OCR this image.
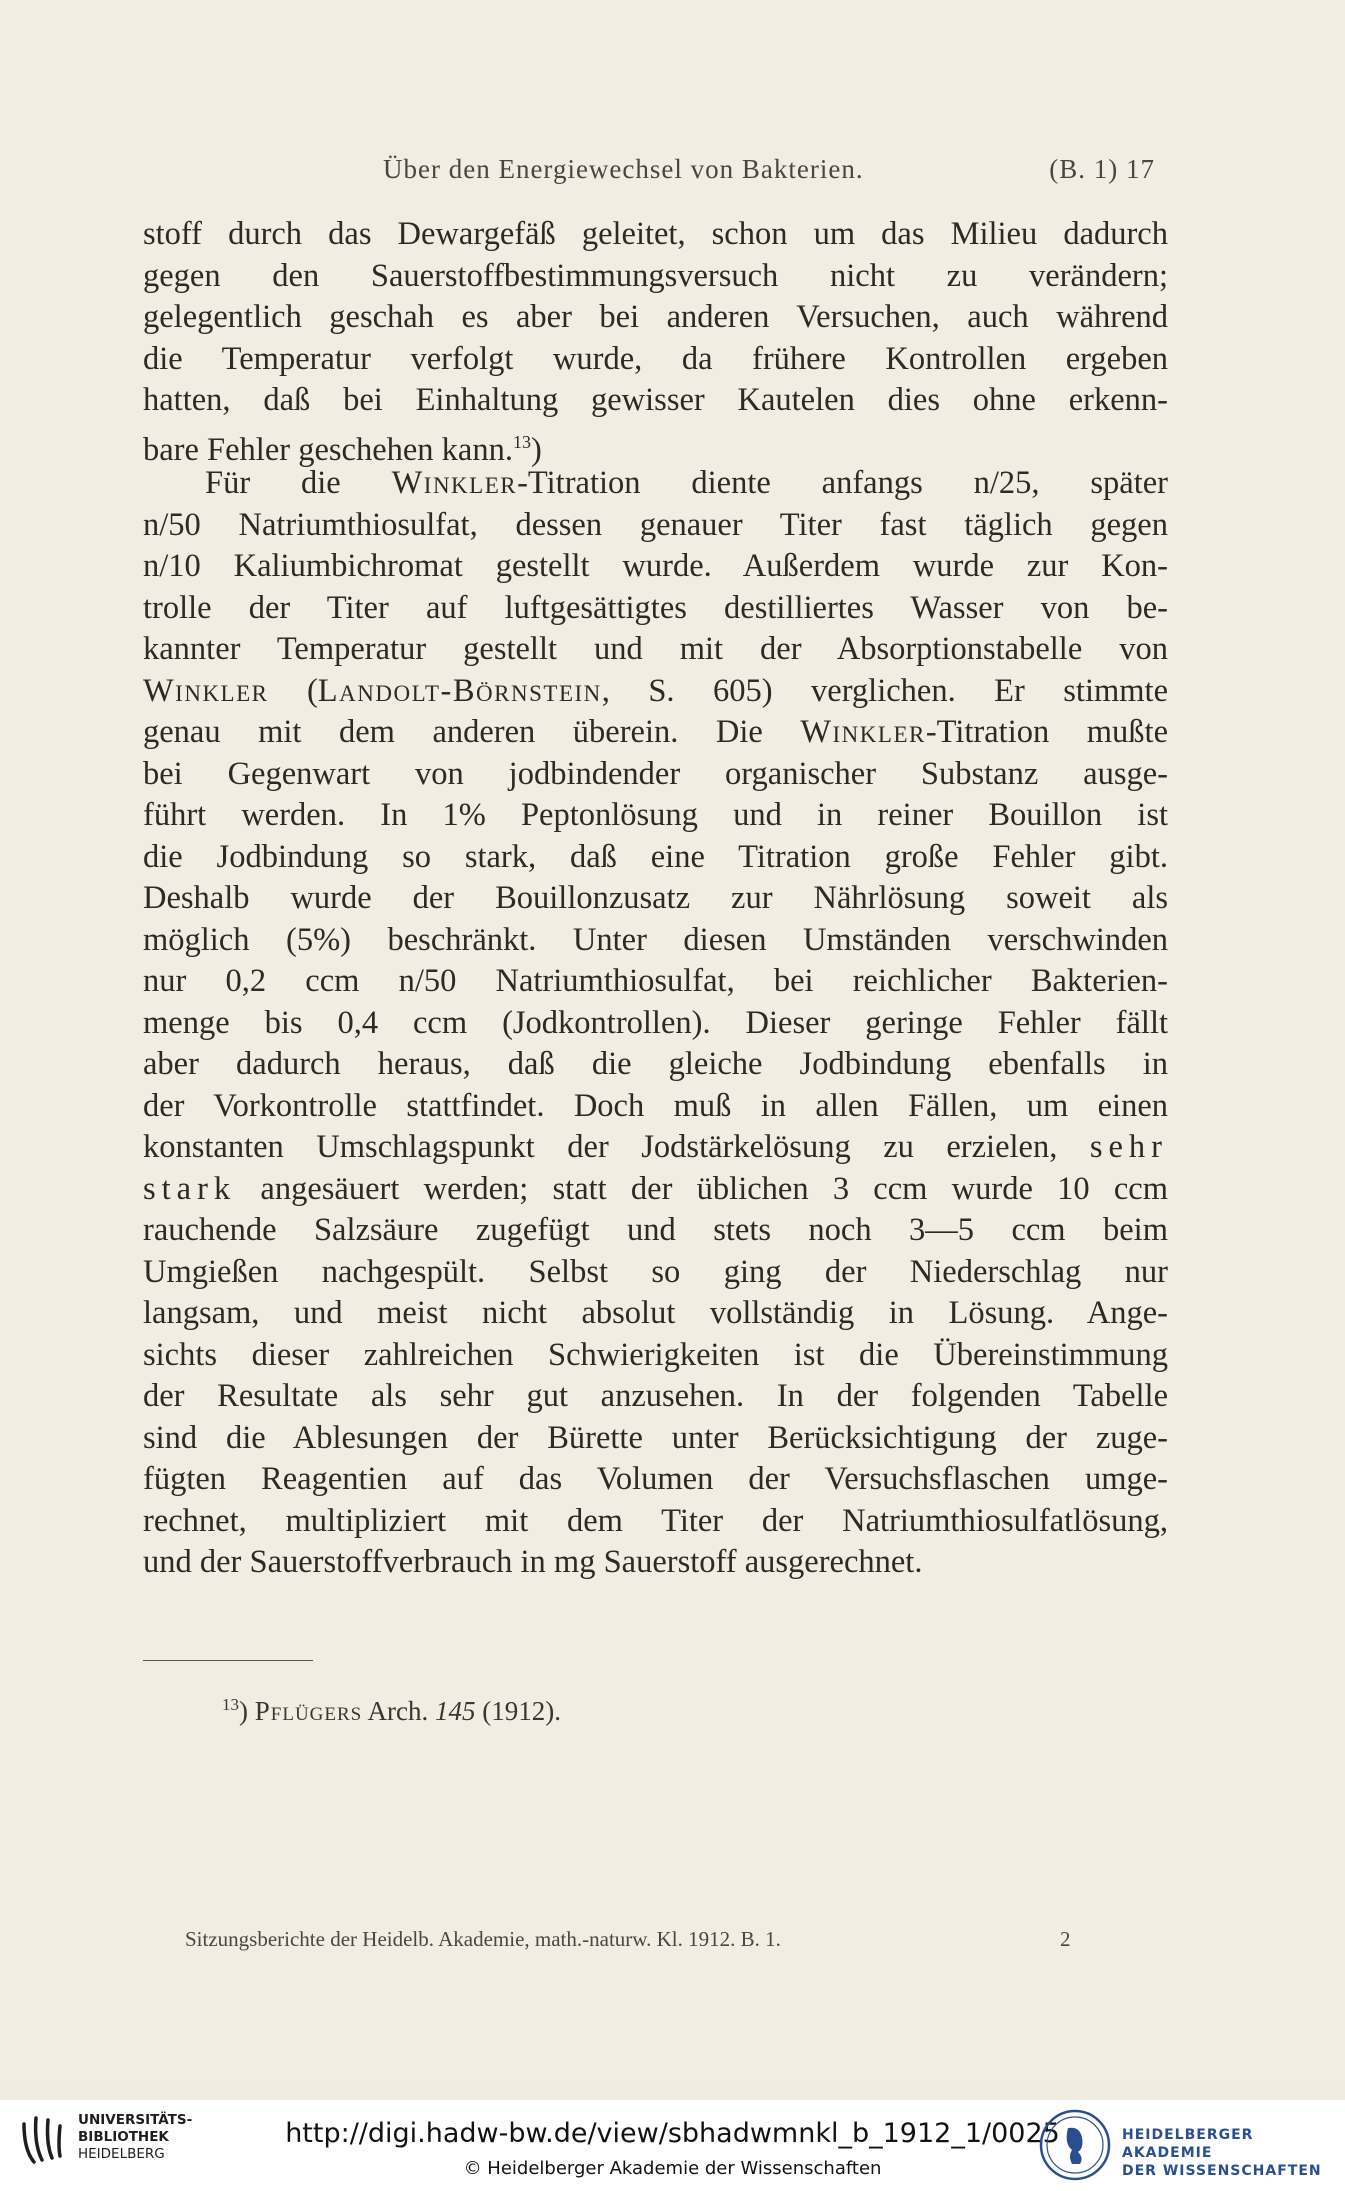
Über den Energiewechsel von Bakterien.	(B. 1) 17
stoff durch das Dewargefäß geleitet, schon um das Milieu dadurch
gegen den Sauerstoffbestimmungsversuch nicht zu verändern;
gelegentlich geschah es aber bei anderen Versuchen, auch während
die Temperatur verfolgt wurde, da frühere Kontrollen ergeben
hatten, daß bei Einhaltung gewisser Kautelen dies ohne erkenn-
bare Fehler geschehen kann.$^{13}$)
Für die Winkler-Titration diente anfangs n/25, später
n/50 Natriumthiosulfat, dessen genauer Titer fast täglich gegen
n/10 Kaliumbichromat gestellt wurde. Außerdem wurde zur Kon-
trolle der Titer auf luftgesättigtes destilliertes Wasser von be-
kannter Temperatur gestellt und mit der Absorptionstabelle von
Winkler (Landolt-Börnstein, S. 605) verglichen. Er stimmte
genau mit dem anderen überein. Die Winkler-Titration mußte
bei Gegenwart von jodbindender organischer Substanz ausge-
führt werden. In 1% Peptonlösung und in reiner Bouillon ist
die Jodbindung so stark, daß eine Titration große Fehler gibt.
Deshalb wurde der Bouillonzusatz zur Nährlösung soweit als
möglich (5%) beschränkt. Unter diesen Umständen verschwinden
nur 0,2 ccm n/50 Natriumthiosulfat, bei reichlicher Bakterien-
menge bis 0,4 ccm (Jodkontrollen). Dieser geringe Fehler fällt
aber dadurch heraus, daß die gleiche Jodbindung ebenfalls in
der Vorkontrolle stattfindet. Doch muß in allen Fällen, um einen
konstanten Umschlagspunkt der Jodstärkelösung zu erzielen, sehr
stark angesäuert werden; statt der üblichen 3 ccm wurde 10 ccm
rauchende Salzsäure zugefügt und stets noch 3—5 ccm beim
Umgießen nachgespült. Selbst so ging der Niederschlag nur
langsam, und meist nicht absolut vollständig in Lösung. Ange-
sichts dieser zahlreichen Schwierigkeiten ist die Übereinstimmung
der Resultate als sehr gut anzusehen. In der folgenden Tabelle
sind die Ablesungen der Bürette unter Berücksichtigung der zuge-
fügten Reagentien auf das Volumen der Versuchsflaschen umge-
rechnet, multipliziert mit dem Titer der Natriumthiosulfatlösung,
und der Sauerstoffverbrauch in mg Sauerstoff ausgerechnet.
$^{13}$) Pflügers Arch. 145 (1912).
Sitzungsberichte der Heidelb. Akademie, math.-naturw. Kl. 1912. B. 1.	2
UNIVERSITÄTS-
BIBLIOTHEK
HEIDELBERG
http://digi.hadw-bw.de/view/sbhadwmnkl_b_1912_1/0025
© Heidelberger Akademie der Wissenschaften
HEIDELBERGER AKADEMIE
DER WISSENSCHAFTEN
